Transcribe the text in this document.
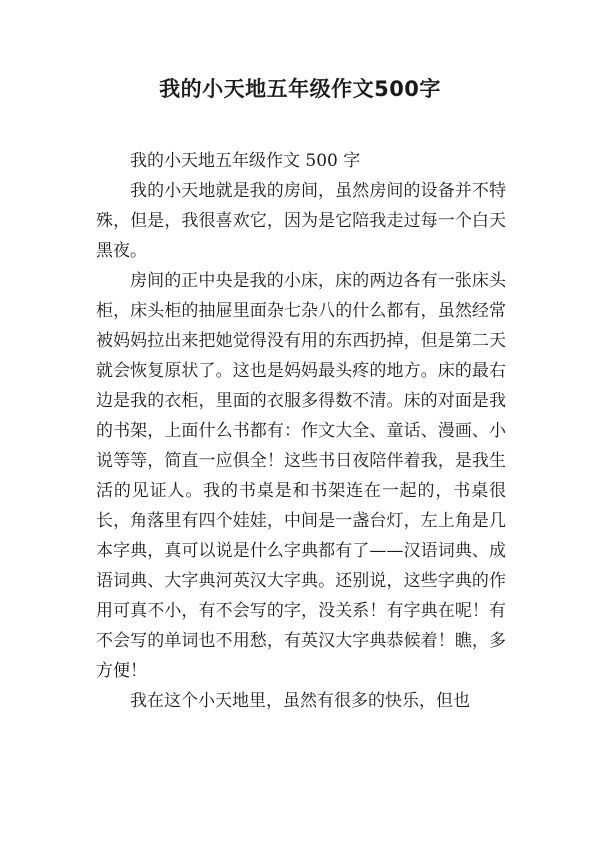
我的小天地五年级作文500字

我的小天地五年级作文 500 字

我的小天地就是我的房间，虽然房间的设备并不特殊，但是，我很喜欢它，因为是它陪我走过每一个白天黑夜。

房间的正中央是我的小床，床的两边各有一张床头柜，床头柜的抽屉里面杂七杂八的什么都有，虽然经常被妈妈拉出来把她觉得没有用的东西扔掉，但是第二天就会恢复原状了。这也是妈妈最头疼的地方。床的最右边是我的衣柜，里面的衣服多得数不清。床的对面是我的书架，上面什么书都有：作文大全、童话、漫画、小说等等，简直一应俱全！这些书日夜陪伴着我，是我生活的见证人。我的书桌是和书架连在一起的，书桌很长，角落里有四个娃娃，中间是一盏台灯，左上角是几本字典，真可以说是什么字典都有了——汉语词典、成语词典、大字典河英汉大字典。还别说，这些字典的作用可真不小，有不会写的字，没关系！有字典在呢！有不会写的单词也不用愁，有英汉大字典恭候着！瞧，多方便！

我在这个小天地里，虽然有很多的快乐，但也
